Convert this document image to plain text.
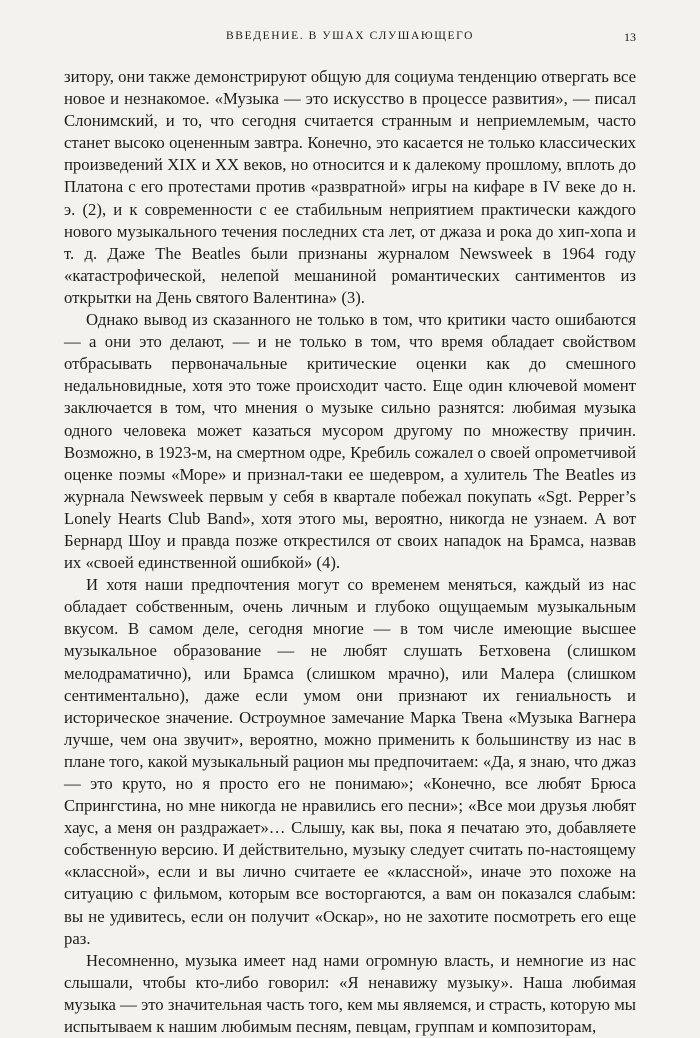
ВВЕДЕНИЕ. В УШАХ СЛУШАЮЩЕГО	13

зитору, они также демонстрируют общую для социума тенденцию отвергать все новое и незнакомое. «Музыка — это искусство в процессе развития», — писал Слонимский, и то, что сегодня считается странным и неприемлемым, часто станет высоко оцененным завтра. Конечно, это касается не только классических произведений XIX и XX веков, но относится и к далекому прошлому, вплоть до Платона с его протестами против «развратной» игры на кифаре в IV веке до н. э. (2), и к современности с ее стабильным неприятием практически каждого нового музыкального течения последних ста лет, от джаза и рока до хип-хопа и т. д. Даже The Beatles были признаны журналом Newsweek в 1964 году «катастрофической, нелепой мешаниной романтических сантиментов из открытки на День святого Валентина» (3).

Однако вывод из сказанного не только в том, что критики часто ошибаются — а они это делают, — и не только в том, что время обладает свойством отбрасывать первоначальные критические оценки как до смешного недальновидные, хотя это тоже происходит часто. Еще один ключевой момент заключается в том, что мнения о музыке сильно разнятся: любимая музыка одного человека может казаться мусором другому по множеству причин. Возможно, в 1923-м, на смертном одре, Кребиль сожалел о своей опрометчивой оценке поэмы «Море» и признал-таки ее шедевром, а хулитель The Beatles из журнала Newsweek первым у себя в квартале побежал покупать «Sgt. Pepper’s Lonely Hearts Club Band», хотя этого мы, вероятно, никогда не узнаем. А вот Бернард Шоу и правда позже открестился от своих нападок на Брамса, назвав их «своей единственной ошибкой» (4).

И хотя наши предпочтения могут со временем меняться, каждый из нас обладает собственным, очень личным и глубоко ощущаемым музыкальным вкусом. В самом деле, сегодня многие — в том числе имеющие высшее музыкальное образование — не любят слушать Бетховена (слишком мелодраматично), или Брамса (слишком мрачно), или Малера (слишком сентиментально), даже если умом они признают их гениальность и историческое значение. Остроумное замечание Марка Твена «Музыка Вагнера лучше, чем она звучит», вероятно, можно применить к большинству из нас в плане того, какой музыкальный рацион мы предпочитаем: «Да, я знаю, что джаз — это круто, но я просто его не понимаю»; «Конечно, все любят Брюса Спрингстина, но мне никогда не нравились его песни»; «Все мои друзья любят хаус, а меня он раздражает»… Слышу, как вы, пока я печатаю это, добавляете собственную версию. И действительно, музыку следует считать по-настоящему «классной», если и вы лично считаете ее «классной», иначе это похоже на ситуацию с фильмом, которым все восторгаются, а вам он показался слабым: вы не удивитесь, если он получит «Оскар», но не захотите посмотреть его еще раз.

Несомненно, музыка имеет над нами огромную власть, и немногие из нас слышали, чтобы кто-либо говорил: «Я ненавижу музыку». Наша любимая музыка — это значительная часть того, кем мы являемся, и страсть, которую мы испытываем к нашим любимым песням, певцам, группам и композиторам,
